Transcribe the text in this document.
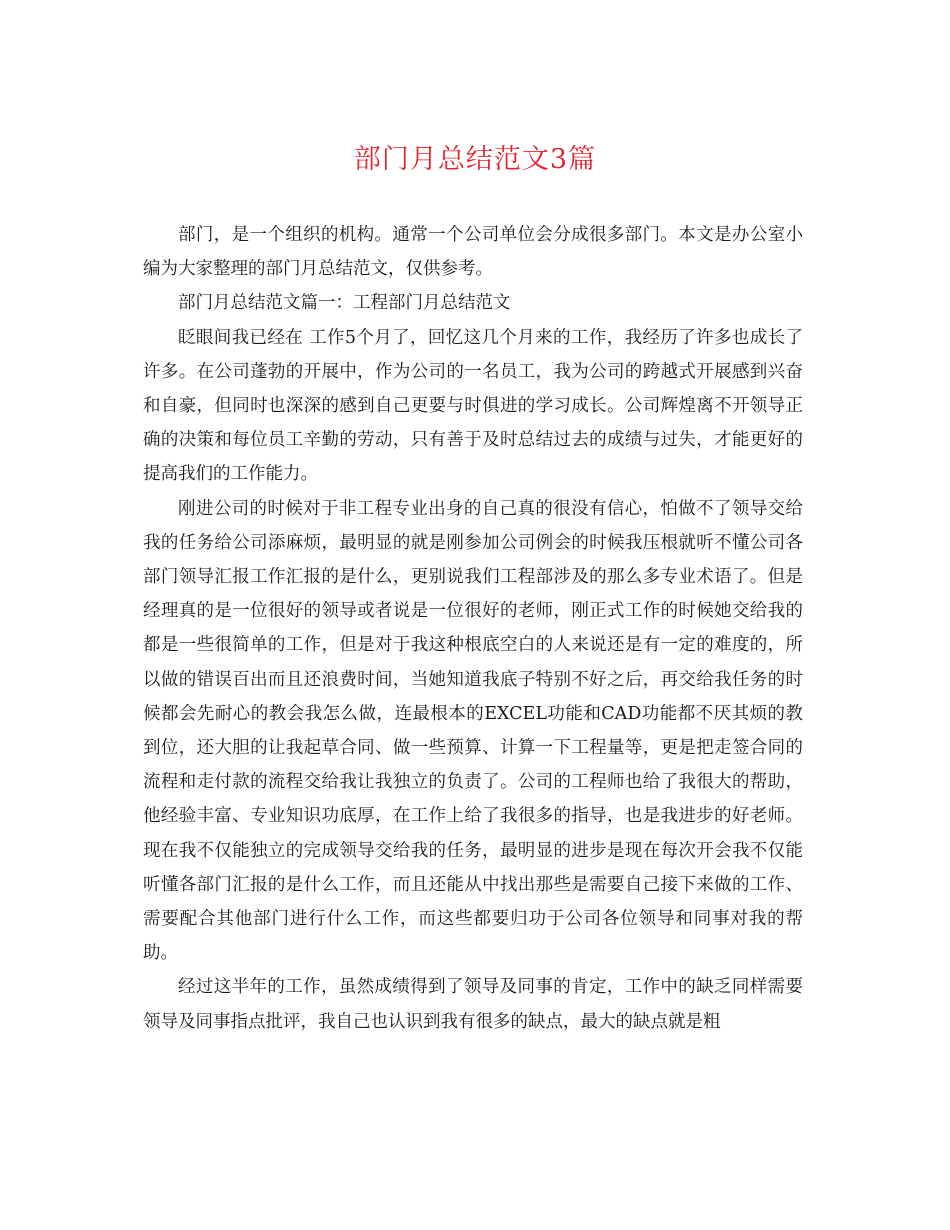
部门月总结范文3篇

部门，是一个组织的机构。通常一个公司单位会分成很多部门。本文是办公室小编为大家整理的部门月总结范文，仅供参考。

部门月总结范文篇一：工程部门月总结范文

眨眼间我已经在 工作5个月了，回忆这几个月来的工作，我经历了许多也成长了许多。在公司蓬勃的开展中，作为公司的一名员工，我为公司的跨越式开展感到兴奋和自豪，但同时也深深的感到自己更要与时俱进的学习成长。公司辉煌离不开领导正确的决策和每位员工辛勤的劳动，只有善于及时总结过去的成绩与过失，才能更好的提高我们的工作能力。

刚进公司的时候对于非工程专业出身的自己真的很没有信心，怕做不了领导交给我的任务给公司添麻烦，最明显的就是刚参加公司例会的时候我压根就听不懂公司各部门领导汇报工作汇报的是什么，更别说我们工程部涉及的那么多专业术语了。但是经理真的是一位很好的领导或者说是一位很好的老师，刚正式工作的时候她交给我的都是一些很简单的工作，但是对于我这种根底空白的人来说还是有一定的难度的，所以做的错误百出而且还浪费时间，当她知道我底子特别不好之后，再交给我任务的时候都会先耐心的教会我怎么做，连最根本的EXCEL功能和CAD功能都不厌其烦的教到位，还大胆的让我起草合同、做一些预算、计算一下工程量等，更是把走签合同的流程和走付款的流程交给我让我独立的负责了。公司的工程师也给了我很大的帮助，他经验丰富、专业知识功底厚，在工作上给了我很多的指导，也是我进步的好老师。现在我不仅能独立的完成领导交给我的任务，最明显的进步是现在每次开会我不仅能听懂各部门汇报的是什么工作，而且还能从中找出那些是需要自己接下来做的工作、需要配合其他部门进行什么工作，而这些都要归功于公司各位领导和同事对我的帮助。

经过这半年的工作，虽然成绩得到了领导及同事的肯定，工作中的缺乏同样需要领导及同事指点批评，我自己也认识到我有很多的缺点，最大的缺点就是粗
